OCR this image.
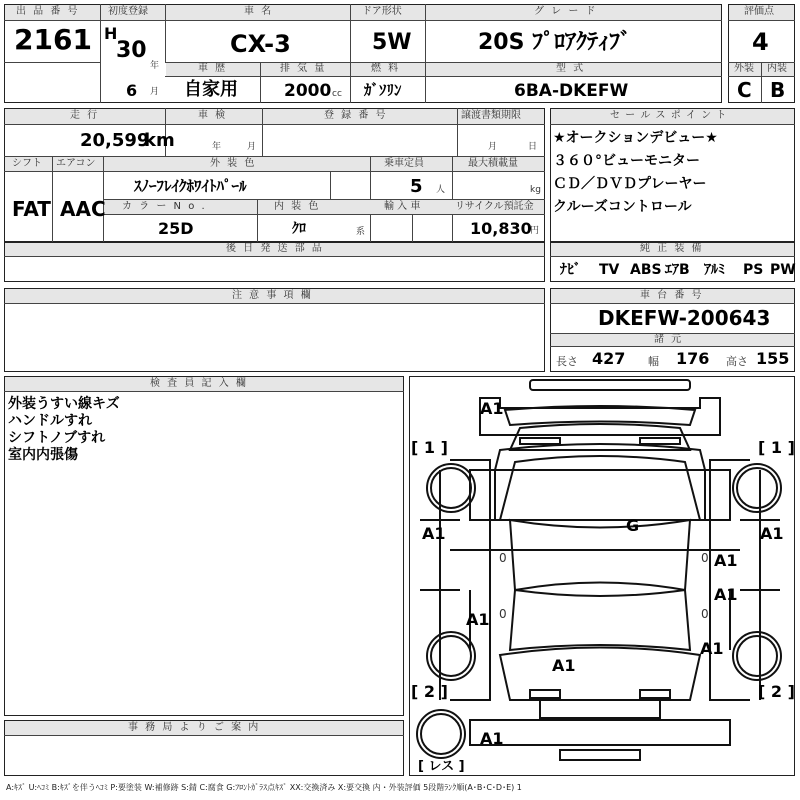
出 品 番 号
2161
初度登録
H
30
年
6 月
車 名
CX-3
ドア形状
5W
グ レ ー ド
20S ﾌﾟﾛｱｸﾃｨﾌﾞ
車 歴
自家用
排 気 量
2000 cc
燃 料
ｶﾞｿﾘﾝ
型 式
6BA-DKEFW
評価点
4
外装 内装
C B
走 行
20,599
km
車 検
年	月
登 録 番 号	譲渡書類期限
月	日
シフト
FAT
エアコン
AAC
外 装 色
ｽﾉｰﾌﾚｲｸﾎﾜｲﾄﾊﾟｰﾙ
乗車定員
5 人
最大積載量
kg
カ ラ ー N o .
25D
内 装 色
ｸﾛ	系
輸 入 車	リサイクル預託金
10,830
円
セ ー ル ス ポ イ ン ト
★オークションデビュー★
３６０°ビューモニター
ＣＤ／ＤＶＤプレーヤー
クルーズコントロール
後 日 発 送 部 品	純 正 装 備
ﾅﾋﾞ TV ABS ｴｱB ｱﾙﾐ PS PW
注 意 事 項 欄	車 台 番 号
DKEFW-200643
諸 元
長さ 427 幅 176 高さ 155
検 査 員 記 入 欄
外装うすい線キズ
ハンドルすれ
シフトノブすれ
室内内張傷
事 務 局 よ り ご 案 内
[ 1 ]	[ 1 ]
[ 2 ]	[ 2 ]
[ レス ]
A1
G
A1	A1
A1
A1
A1
A1
A1
A1
0	0
0	0
A:ｷｽﾞ U:ﾍｺﾐ B:ｷｽﾞを伴うﾍｺﾐ P:要塗装 W:補修跡 S:錆 C:腐食 G:ﾌﾛﾝﾄｶﾞﾗｽ点ｷｽﾞ XX:交換済み X:要交換 内・外装評価 5段階ﾗﾝｸ順(A･B･C･D･E) 1
